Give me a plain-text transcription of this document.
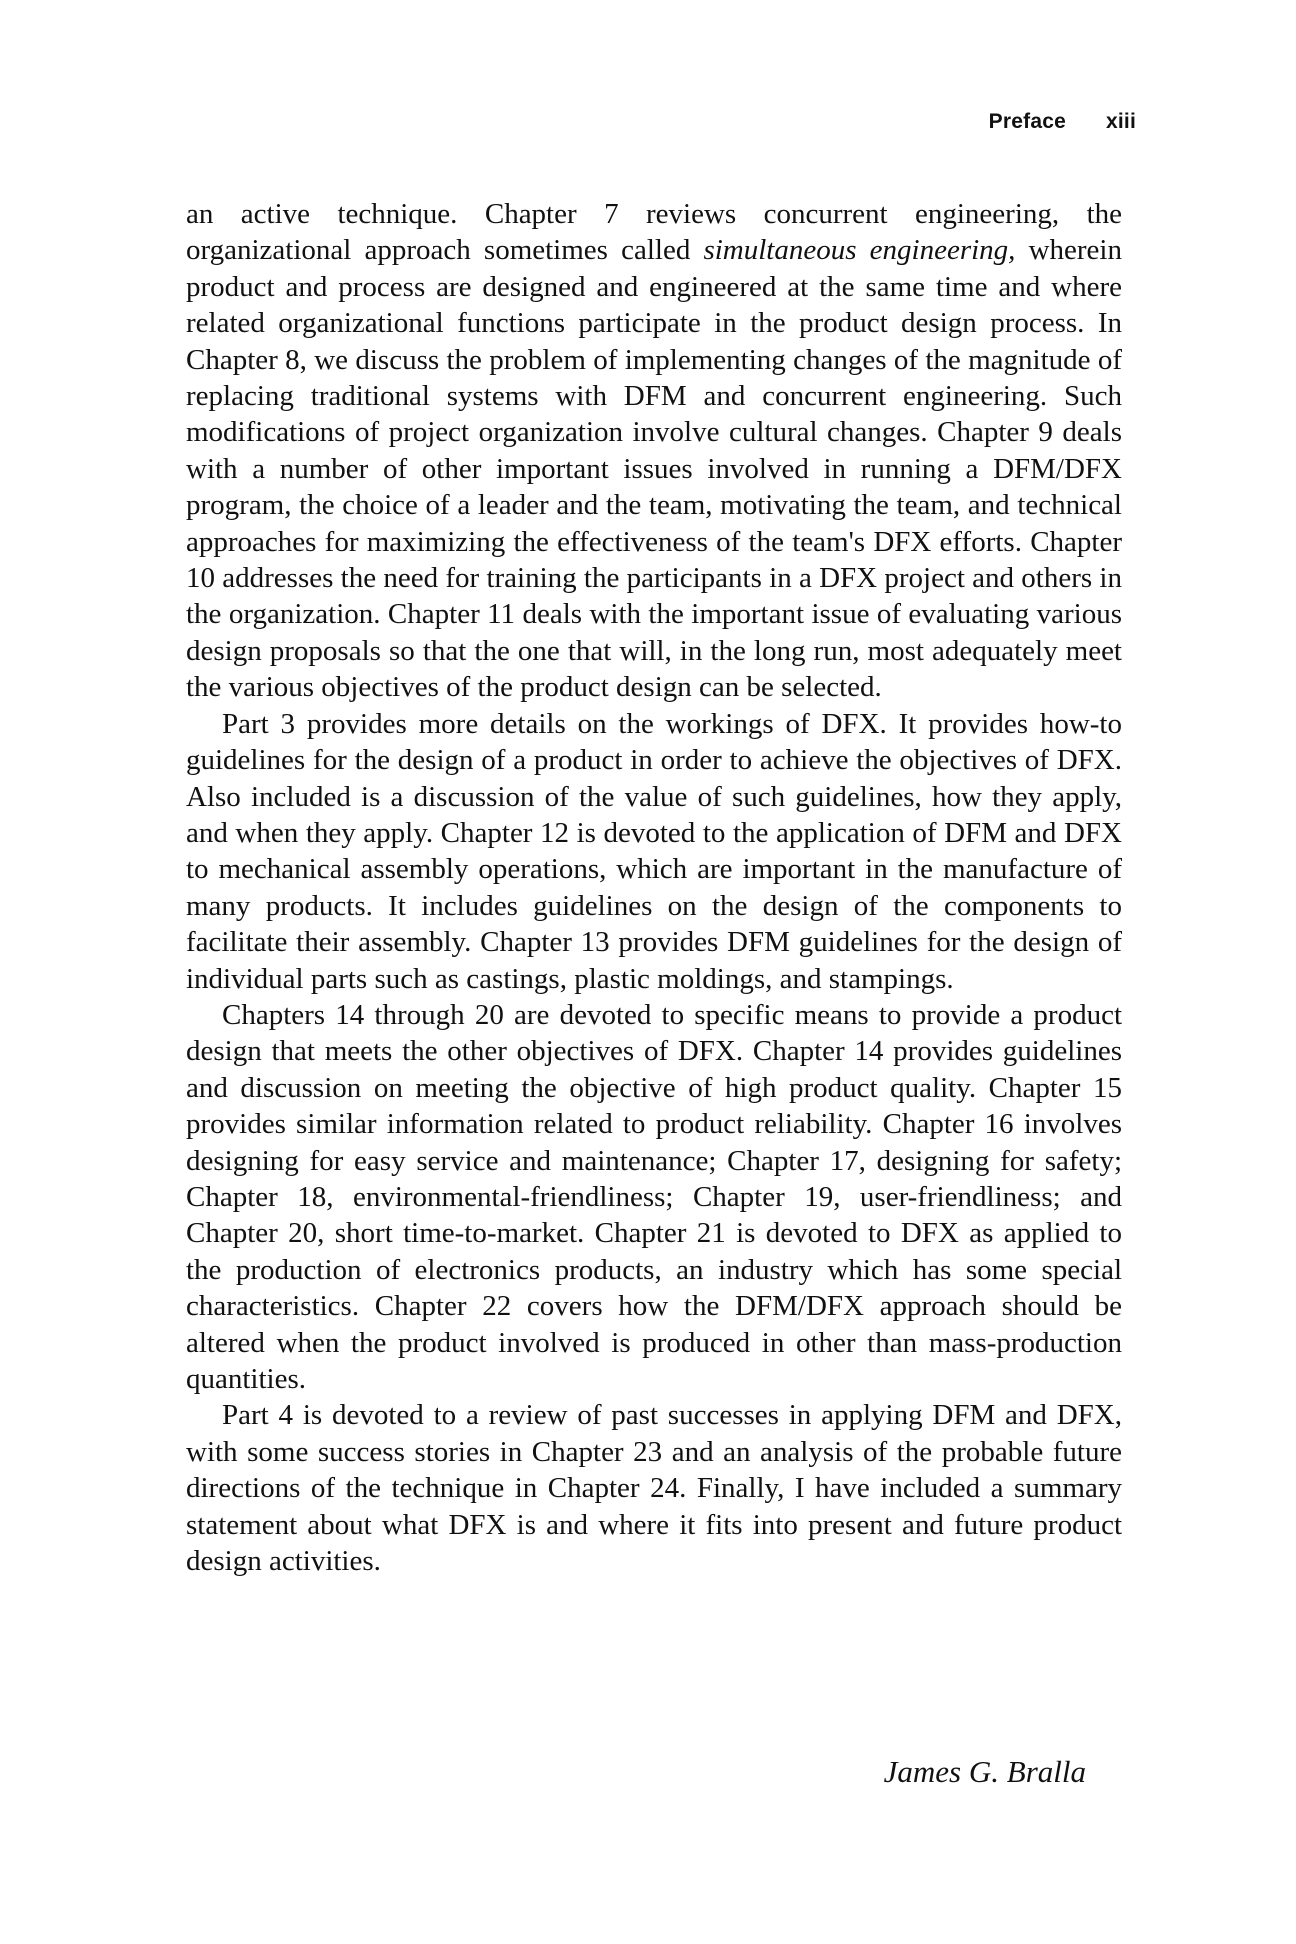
Preface xiii

an active technique. Chapter 7 reviews concurrent engineering, the organizational approach sometimes called simultaneous engineering, wherein product and process are designed and engineered at the same time and where related organizational functions participate in the product design process. In Chapter 8, we discuss the problem of implementing changes of the magnitude of replacing traditional systems with DFM and concurrent engineering. Such modifications of project organization involve cultural changes. Chapter 9 deals with a number of other important issues involved in running a DFM/DFX program, the choice of a leader and the team, motivating the team, and technical approaches for maximizing the effectiveness of the team's DFX efforts. Chapter 10 addresses the need for training the participants in a DFX project and others in the organization. Chapter 11 deals with the important issue of evaluating various design proposals so that the one that will, in the long run, most adequately meet the various objectives of the product design can be selected.

Part 3 provides more details on the workings of DFX. It provides how-to guidelines for the design of a product in order to achieve the objectives of DFX. Also included is a discussion of the value of such guidelines, how they apply, and when they apply. Chapter 12 is devoted to the application of DFM and DFX to mechanical assembly operations, which are important in the manufacture of many products. It includes guidelines on the design of the components to facilitate their assembly. Chapter 13 provides DFM guidelines for the design of individual parts such as castings, plastic moldings, and stampings.

Chapters 14 through 20 are devoted to specific means to provide a product design that meets the other objectives of DFX. Chapter 14 provides guidelines and discussion on meeting the objective of high product quality. Chapter 15 provides similar information related to product reliability. Chapter 16 involves designing for easy service and maintenance; Chapter 17, designing for safety; Chapter 18, environmental-friendliness; Chapter 19, user-friendliness; and Chapter 20, short time-to-market. Chapter 21 is devoted to DFX as applied to the production of electronics products, an industry which has some special characteristics. Chapter 22 covers how the DFM/DFX approach should be altered when the product involved is produced in other than mass-production quantities.

Part 4 is devoted to a review of past successes in applying DFM and DFX, with some success stories in Chapter 23 and an analysis of the probable future directions of the technique in Chapter 24. Finally, I have included a summary statement about what DFX is and where it fits into present and future product design activities.

James G. Bralla
